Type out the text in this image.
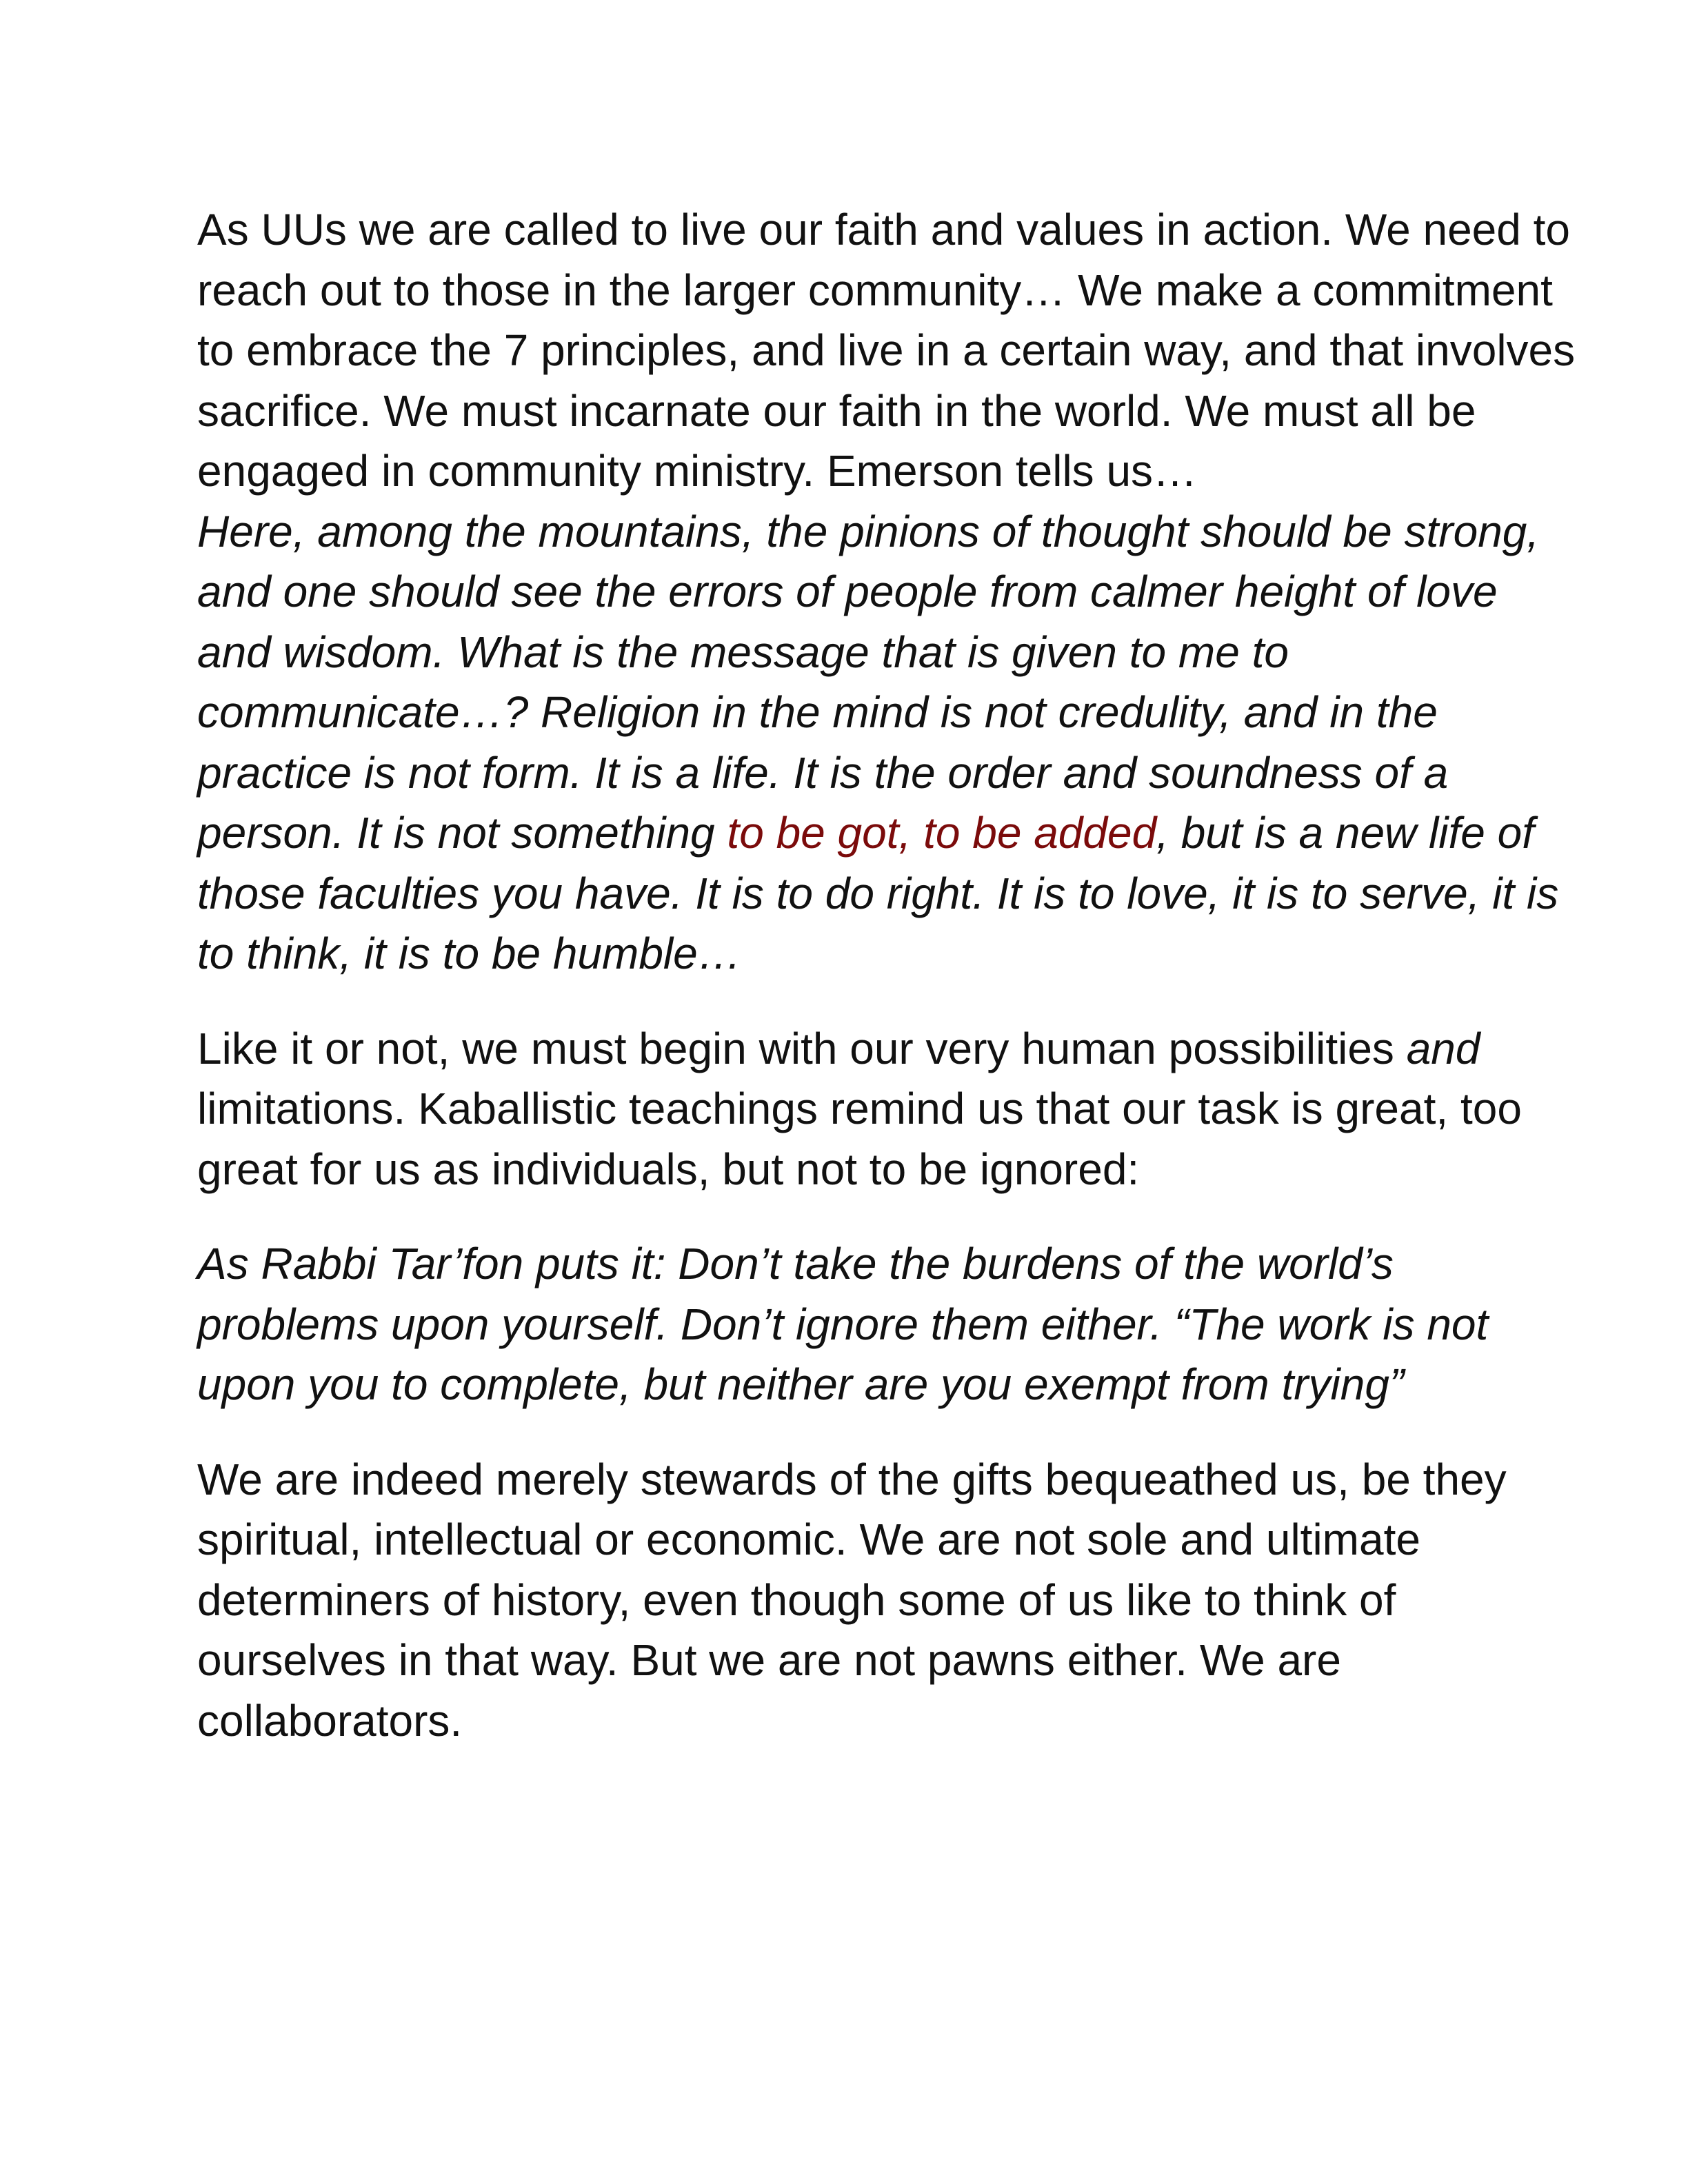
As UUs we are called to live our faith and values in action. We need to reach out to those in the larger community… We make a commitment to embrace the 7 principles, and live in a certain way, and that involves sacrifice. We must incarnate our faith in the world. We must all be engaged in community ministry. Emerson tells us…

Here, among the mountains, the pinions of thought should be strong, and one should see the errors of people from calmer height of love and wisdom. What is the message that is given to me to communicate…? Religion in the mind is not credulity, and in the practice is not form. It is a life. It is the order and soundness of a person. It is not something to be got, to be added, but is a new life of those faculties you have. It is to do right. It is to love, it is to serve, it is to think, it is to be humble…

Like it or not, we must begin with our very human possibilities and limitations. Kaballistic teachings remind us that our task is great, too great for us as individuals, but not to be ignored:

As Rabbi Tar’fon puts it: Don’t take the burdens of the world’s problems upon yourself. Don’t ignore them either. “The work is not upon you to complete, but neither are you exempt from trying”

We are indeed merely stewards of the gifts bequeathed us, be they spiritual, intellectual or economic. We are not sole and ultimate determiners of history, even though some of us like to think of ourselves in that way. But we are not pawns either. We are collaborators.
